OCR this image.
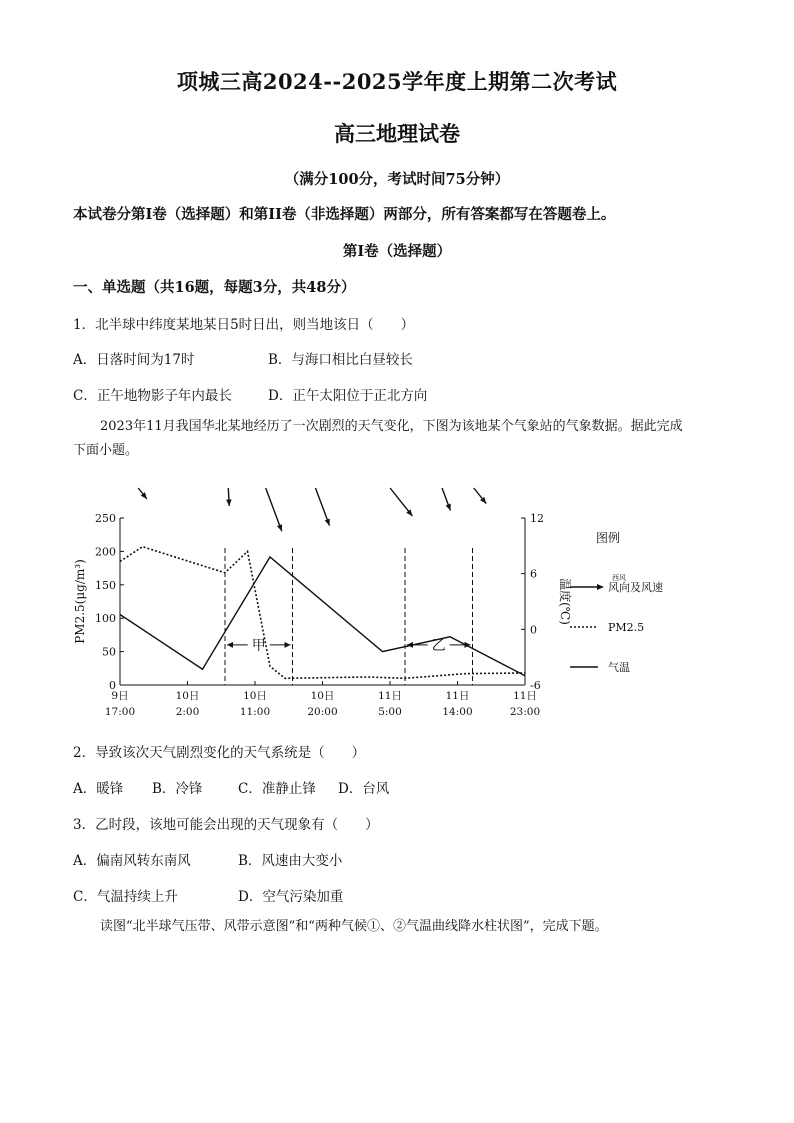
项城三高2024--2025学年度上期第二次考试
高三地理试卷
（满分100分，考试时间75分钟）
本试卷分第Ⅰ卷（选择题）和第II卷（非选择题）两部分，所有答案都写在答题卷上。
第Ⅰ卷（选择题）
一、单选题（共16题，每题3分，共48分）
1．北半球中纬度某地某日5时日出，则当地该日（　　）
A．日落时间为17时	B．与海口相比白昼较长
C．正午地物影子年内最长	D．正午太阳位于正北方向
2023年11月我国华北某地经历了一次剧烈的天气变化，下图为该地某个气象站的气象数据。据此完成
下面小题。
0
50
100
150
200
250
-6
0
6
12
9日
17:00
10日
2:00
10日
11:00
10日
20:00
11日
5:00
11日
14:00
11日
23:00
PM2.5(μg/m³)	温度(℃)
甲	乙
图例
西风
风向及风速
PM2.5
气温
2．导致该次天气剧烈变化的天气系统是（　　）
A．暖锋 B．冷锋	C．准静止锋 D．台风
3．乙时段，该地可能会出现的天气现象有（　　）
A．偏南风转东南风	B．风速由大变小
C．气温持续上升	D．空气污染加重
读图“北半球气压带、风带示意图”和“两种气候①、②气温曲线降水柱状图”，完成下题。
